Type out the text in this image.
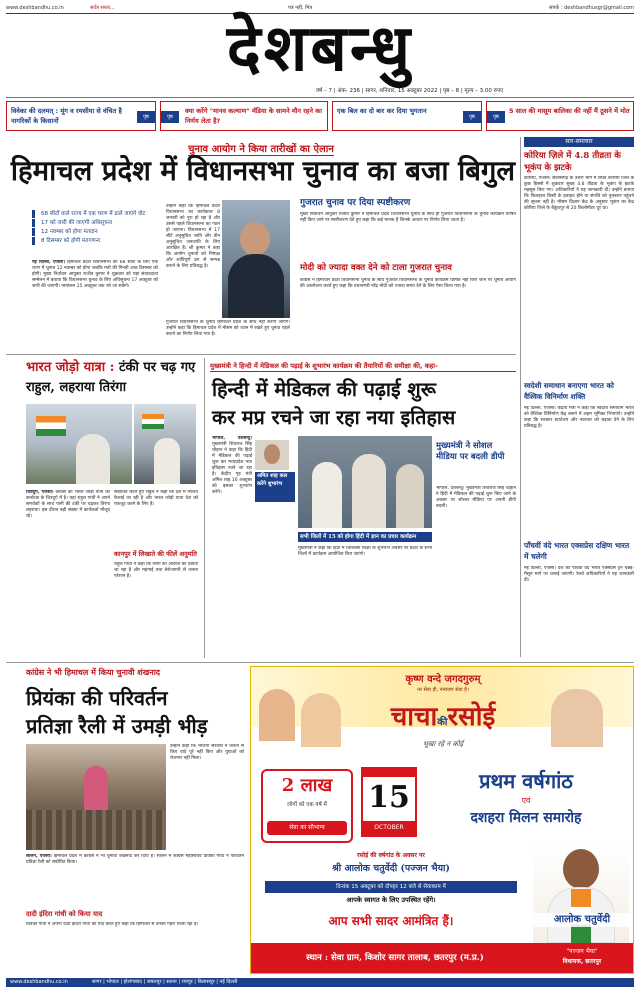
www.deshbandhu.co.in	सर्वत्र सस्ता...	पत्र नहीं, मित्र	संपर्क : deshbandhusgr@gmail.com
देशबन्धु
वर्ष – 7 | अंक- 236 | सागर, शनिवार, 15 अक्टूबर 2022 | पृष्ठ – 8 | मूल्य – 3.00 रुपए
विवेका की दलमत् : मूंग व रमसीया से वंचित है नागरिकों के किसानों	पृष्ठ	पृष्ठ
क्या करेंगे "मानव कल्याण" मॅडिया के सामने मौन रहने का निर्णय लेता है?
एक बिल का दो बार कर दिया भुगतान
पृष्ठ	पृष्ठ
5 साल की मासूम बालिका की नहीं मैं ठूसने में मोत
चुनाव आयोग ने किया तारीखों का ऐलान
हिमाचल प्रदेश में विधानसभा चुनाव का बजा बिगुल
68 सीटों वाले राज्य में एक चरण में डाले जाएंगे वोट
17 को जारी की जाएगी अधिसूचना
12 नवम्बर को होगा मतदान
8 दिसम्बर को होगी मतगणना

नई दिल्ली, एजेंसी। हिमाचल प्रदेश विधानसभा की 68 सीटों के लिए एक चरण में चुनाव 12 नवम्बर को होगा जबकि मतों की गिनती आठ दिसम्बर को होगी। मुख्य निर्वाचन आयुक्त राजीव कुमार ने शुक्रवार को यहां संवाददाता सम्मेलन में बताया कि विधानसभा चुनाव के लिए अधिसूचना 17 अक्टूबर को जारी की जाएगी। नामांकन 25 अक्टूबर तक भरे जा सकेंगे।

उन्होंने कहा कि हिमाचल प्रदेश विधानसभा का कार्यकाल 8 जनवरी को पूरा हो रहा है और उससे पहले विधानसभा का गठन हो जाएगा। विधानसभा में 17 सीटें अनुसूचित जाति और तीन अनुसूचित जनजाति के लिए आरक्षित हैं। श्री कुमार ने कहा कि आयोग चुनावों को निष्पक्ष और शांतिपूर्ण ढंग से सम्पन्न कराने के लिए प्रतिबद्ध है।

गुजरात विधानसभा के चुनाव हिमाचल प्रदेश के साथ नहीं कराए जाएंगे। उन्होंने कहा कि हिमाचल प्रदेश में मौसम को ध्यान में रखते हुए चुनाव पहले कराने का निर्णय लिया गया है।

गुजरात चुनाव पर दिया स्पष्टीकरण

मुख्य निर्वाचन आयुक्त राजीव कुमार ने हिमाचल प्रदेश विधानसभा चुनाव के साथ ही गुजरात विधानसभा के चुनाव कार्यक्रम घोषित नहीं किए जाने पर स्पष्टीकरण देते हुए कहा कि कई मानक हैं जिनके आधार पर निर्णय लिया जाता है।

मोदी को ज्यादा वक्त देने को टाला गुजरात चुनाव

कांग्रेस ने हिमाचल प्रदेश विधानसभा चुनाव के साथ गुजरात विधानसभा के चुनाव कार्यक्रम घोषित नहीं किए जाने पर चुनाव आयोग की आलोचना करते हुए कहा कि प्रधानमंत्री नरेंद्र मोदी को ज्यादा समय देने के लिए ऐसा किया गया है।

सार-समाचार
कोरिया ज़िले में 4.8 तीव्रता के भूकंप के झटके

कोरिया, एजेंसी। छत्तीसगढ़ के उत्तरी भाग में स्थित कोरिया जिले के कुछ हिस्सों में शुक्रवार सुबह 4.8 तीव्रता के भूकंप के झटके महसूस किए गए। अधिकारियों ने यह जानकारी दी। उन्होंने बताया कि फिलहाल किसी के हताहत होने या संपत्ति को नुकसान पहुंचने की सूचना नहीं है। मौसम विज्ञान केंद्र के अनुसार भूकंप का केंद्र कोरिया जिले के बैकुंठपुर से 20 किलोमीटर दूर था।

स्वदेशी समाधान बनाएगा भारत को वैश्विक विनिर्माण शक्ति

नई दिल्ली, एजेंसी। केंद्रीय मंत्री ने कहा कि स्वदेशी समाधान भारत को वैश्विक विनिर्माण केंद्र बनाने में अहम भूमिका निभाएंगे। उन्होंने कहा कि सरकार स्टार्टअप और नवाचार को बढ़ावा देने के लिए प्रतिबद्ध है।

पाँचवीं वंदे भारत एक्सप्रेस दक्षिण भारत में चलेगी

नई दिल्ली, एजेंसी। देश की पांचवीं वंदे भारत एक्सप्रेस ट्रेन चेन्नई-मैसूरु मार्ग पर चलाई जाएगी। रेलवे अधिकारियों ने यह जानकारी दी।

भारत जोड़ो यात्रा : टंकी पर चढ़ गए राहुल, लहराया तिरंगा

चित्रदुर्ग, एजेंसी। कांग्रेस की भारत जोड़ो यात्रा का कर्नाटक के चित्रदुर्ग में है। यहां राहुल गांधी ने अपने समर्थकों के साथ पानी की टंकी पर चढ़कर तिरंगा लहराया। इस दौरान बड़ी संख्या में कार्यकर्ता मौजूद रहे।

संबोधित करते हुए राहुल ने कहा कि देश में नफरत फैलाई जा रही है और भारत जोड़ो यात्रा देश को एकजुट करने के लिए है।

कानपुर में लिखाते की फीलें अनुमति

राहुल गांधी ने कहा कि लोगों की आवाज को दबाया जा रहा है और महंगाई तथा बेरोजगारी से जनता परेशान है।

मुख्यमंत्री ने हिन्दी में मेडिकल की पढ़ाई के शुभारंभ कार्यक्रम की तैयारियों की समीक्षा की, कहा-
हिन्दी में मेडिकल की पढ़ाई शुरू
कर मप्र रचने जा रहा नया इतिहास

भोपाल, देशबन्धु। मुख्यमंत्री शिवराज सिंह चौहान ने कहा कि हिंदी में मेडिकल की पढ़ाई शुरू कर मध्यप्रदेश नया इतिहास रचने जा रहा है। केंद्रीय गृह मंत्री अमित शाह 16 अक्टूबर को इसका शुभारंभ करेंगे।

अमित शाह कल करेंगे शुभारंभ
मुख्यमंत्री ने सोशल मीडिया पर बदली डीपी

भोपाल, देशबन्धु। मुख्यमंत्री शिवराज सिंह चौहान ने हिंदी में मेडिकल की पढ़ाई शुरू किए जाने के अवसर पर सोशल मीडिया पर अपनी डीपी बदली।

सभी जिलों में 15 को होगा हिंदी में ज्ञान का प्रचार कार्यक्रम

मुख्यमंत्री ने कहा कि हिंदी में चिकित्सा शिक्षा के शुभारंभ अवसर पर प्रदेश के सभी जिलों में कार्यक्रम आयोजित किए जाएंगे।

कांग्रेस ने भी हिमाचल में किया चुनावी शंखनाद
प्रियंका की परिवर्तन
प्रतिज्ञा रैली में उमड़ी भीड़

उन्होंने कहा कि भाजपा सरकार ने जनता से किए वादे पूरे नहीं किए और युवाओं को रोजगार नहीं मिला।

सोलन, एजेंसी। हिमाचल प्रदेश में कांग्रेस ने भी चुनावी शंखनाद कर दिया है। सोलन में कांग्रेस महासचिव प्रियंका गांधी ने परिवर्तन प्रतिज्ञा रैली को संबोधित किया।

दादी इंदिरा गांधी को किया याद

प्रियंका गांधी ने अपनी दादी इंदिरा गांधी को याद करते हुए कहा कि हिमाचल से उनका गहरा रिश्ता रहा है।

कृष्ण वन्दे जगदगुरुम्
नर सेवा ही, नारायण सेवा है।
चाचाकीरसोई
भूखा रहे न कोई
2 लाख
लोगों को एक वर्ष में
सेवा का सौभाग्य
15
OCTOBER
प्रथम वर्षगांठ
एवं
दशहरा मिलन समारोह
रसोई की वर्षगांठ के अवसर पर
श्री आलोक चतुर्वेदी (पज्जन भैया)
दिनांक 15 अक्टूबर को दोपहर 12 बजे से सेवाकाम में
आपके स्वागत के लिए उपस्थित रहेंगे।
आप सभी सादर आमंत्रित हैं।
स्थान : सेवा ग्राम, किशोर सागर तालाब, छतरपुर (म.प्र.)
आलोक चतुर्वेदी
"पज्जन भैया"
विधायक, छतरपुर
www.deshbandhu.co.in	सागर | भोपाल | होशंगाबाद | जबलपुर | सतना | रायपुर | बिलासपुर | नई दिल्ली
